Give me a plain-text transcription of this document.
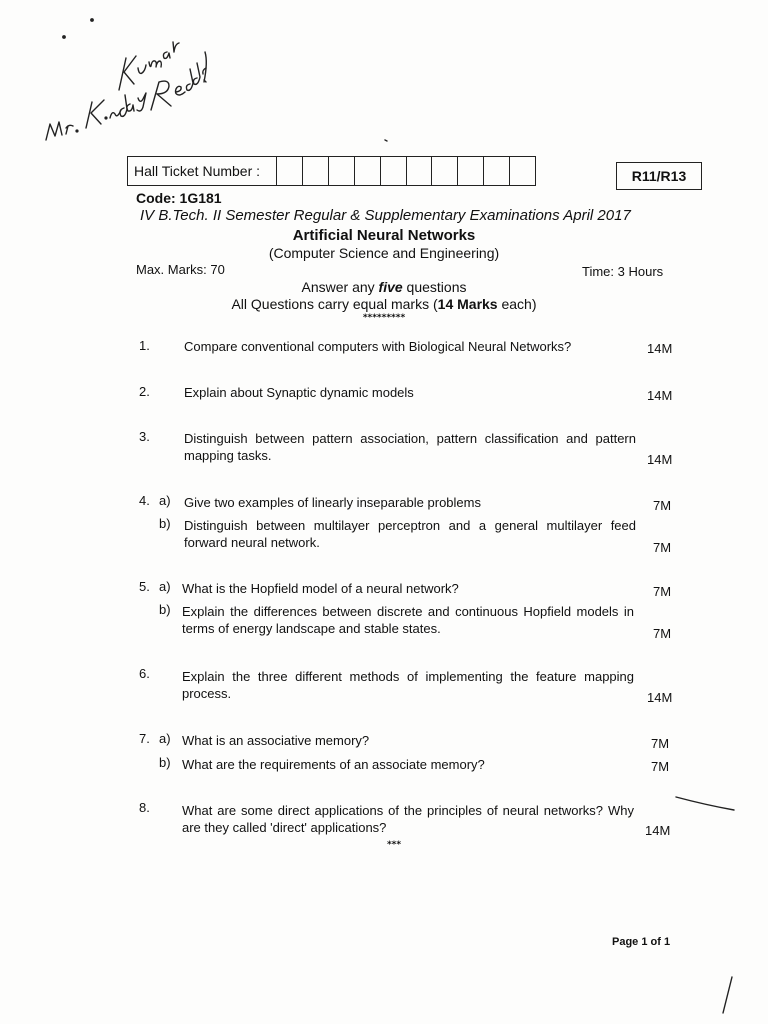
Hall Ticket Number :	R11/R13
Code: 1G181
IV B.Tech. II Semester Regular & Supplementary Examinations April 2017
Artificial Neural Networks
(Computer Science and Engineering)
Max. Marks: 70	Time: 3 Hours
Answer any five questions
All Questions carry equal marks (14 Marks each)
*********
1.	Compare conventional computers with Biological Neural Networks?	14M
2.	Explain about Synaptic dynamic models	14M
3.	Distinguish between pattern association, pattern classification and pattern mapping tasks.	14M
4. a) Give two examples of linearly inseparable problems	7M
b) Distinguish between multilayer perceptron and a general multilayer feed forward neural network.	7M
5. a) What is the Hopfield model of a neural network?	7M
b) Explain the differences between discrete and continuous Hopfield models in terms of energy landscape and stable states.	7M
6. Explain the three different methods of implementing the feature mapping process.	14M
7. a) What is an associative memory?	7M
b) What are the requirements of an associate memory?	7M
8. What are some direct applications of the principles of neural networks? Why are they called 'direct' applications?	14M
***
Page 1 of 1
